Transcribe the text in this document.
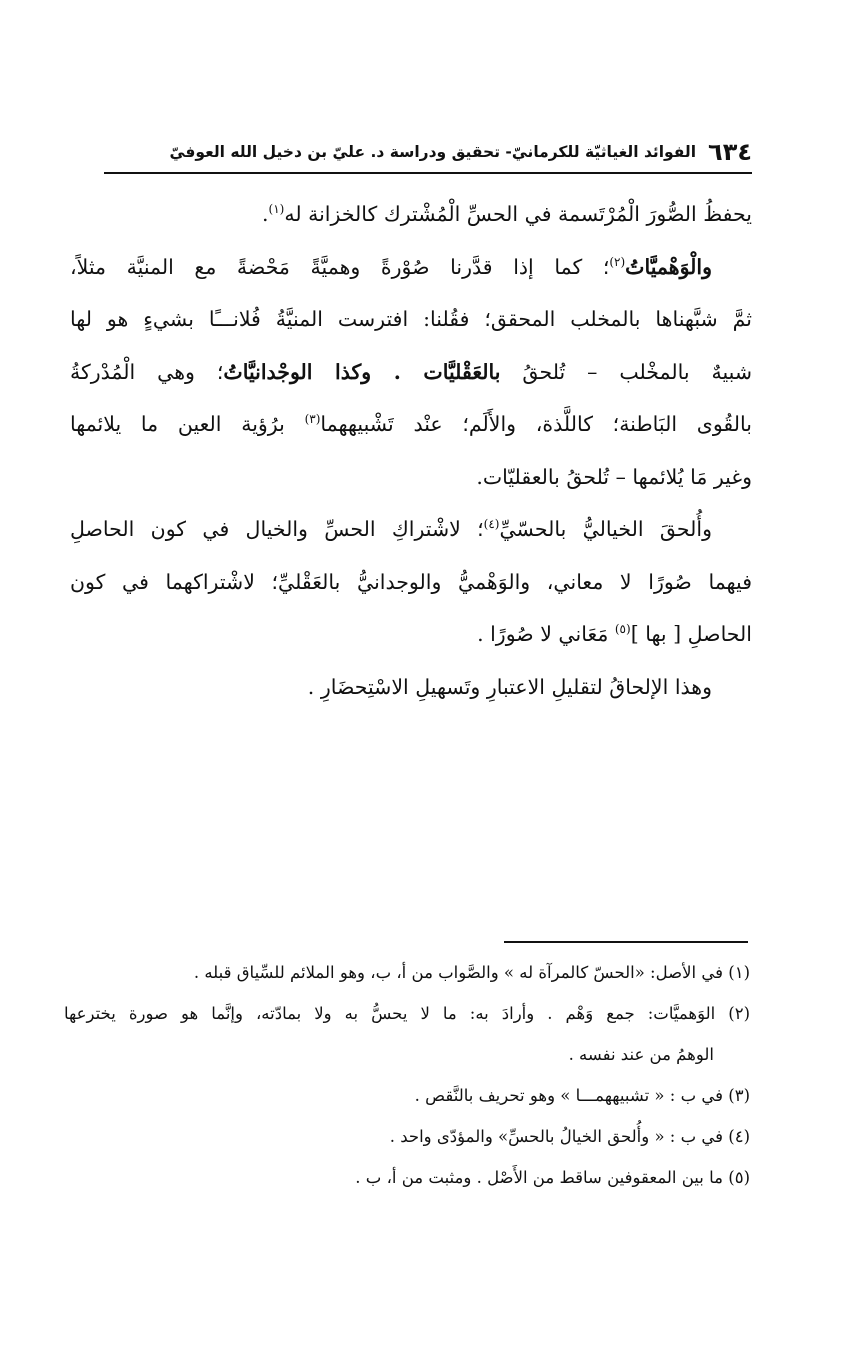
٦٣٤
الفوائد الغياثيّة للكرمانيّ- تحقيق ودراسة د. عليّ بن دخيل الله العوفيّ
يحفظُ الصُّورَ الْمُرْتَسمة في الحسِّ الْمُشْترك كالخزانة له$^{(١)}$.
والْوَهْميَّاتُ$^{(٢)}$؛ كما إذا قدَّرنا صُوْرةً وهميَّةً مَحْضةً مع المنيَّة مثلاً،
ثمَّ شبَّهناها بالمخلب المحقق؛ فقُلنا: افترست المنيَّةُ فُلانـــًا بشيءٍ هو لها
شبيهٌ بالمخْلب – تُلحقُ بالعَقْليَّات . وكذا الوجْدانيَّاتُ؛ وهي الْمُدْركةُ
بالقُوى البَاطنة؛ كاللَّذة، والأَلَم؛ عنْد تَشْبيههما$^{(٣)}$ برُؤية العين ما يلائمها
وغير مَا يُلائمها – تُلحقُ بالعقليّات.
وأُلحقَ الخياليُّ بالحسّيِّ$^{(٤)}$؛ لاشْتراكِ الحسِّ والخيال في كون الحاصلِ
فيهما صُورًا لا معاني، والوَهْميُّ والوجدانيُّ بالعَقْليِّ؛ لاشْتراكهما في كون
الحاصلِ [ بها ]$^{(٥)}$ مَعَاني لا صُورًا .
وهذا الإلحاقُ لتقليلِ الاعتبارِ وتَسهيلِ الاسْتِحضَارِ .
(١) في الأصل: «الحسّ كالمرآة له » والصَّواب من أ، ب، وهو الملائم للسِّياق قبله .
(٢) الوَهميَّات: جمع وَهْم . وأرادَ به: ما لا يحسُّ به ولا بمادّته، وإنَّما هو صورة يخترعها
الوهمُ من عند نفسه .
(٣) في ب : « تشبيههمـــا » وهو تحريف بالنَّقص .
(٤) في ب : « وأُلحق الخيالُ بالحسِّ» والمؤدّى واحد .
(٥) ما بين المعقوفين ساقط من الأَصْل . ومثبت من أ، ب .
